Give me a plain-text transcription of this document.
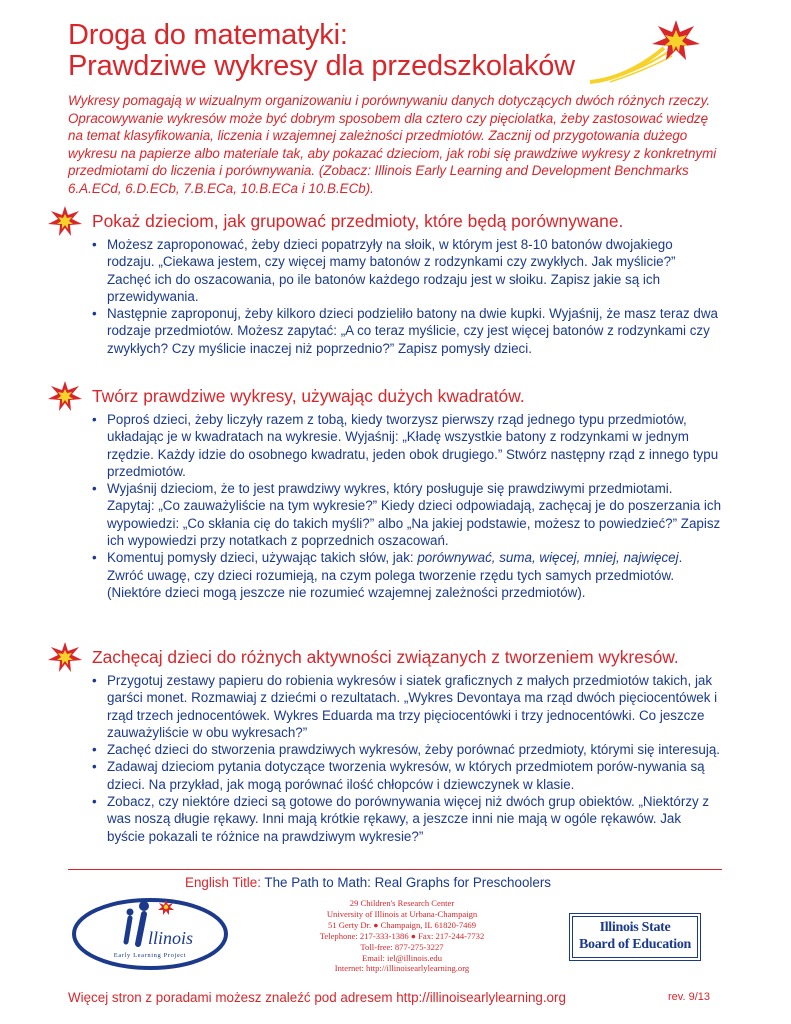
Droga do matematyki:
Prawdziwe wykresy dla przedszkolaków
Wykresy pomagają w wizualnym organizowaniu i porównywaniu danych dotyczących dwóch różnych rzeczy. Opracowywanie wykresów może być dobrym sposobem dla cztero czy pięciolatka, żeby zastosować wiedzę na temat klasyfikowania, liczenia i wzajemnej zależności przedmiotów. Zacznij od przygotowania dużego wykresu na papierze albo materiale tak, aby pokazać dzieciom, jak robi się prawdziwe wykresy z konkretnymi przedmiotami do liczenia i porównywania. (Zobacz: Illinois Early Learning and Development Benchmarks 6.A.ECd, 6.D.ECb, 7.B.ECa, 10.B.ECa i 10.B.ECb).
Pokaż dzieciom, jak grupować przedmioty, które będą porównywane.
• Możesz zaproponować, żeby dzieci popatrzyły na słoik, w którym jest 8-10 batonów dwojakiego rodzaju. „Ciekawa jestem, czy więcej mamy batonów z rodzynkami czy zwykłych. Jak myślicie?” Zachęć ich do oszacowania, po ile batonów każdego rodzaju jest w słoiku. Zapisz jakie są ich przewidywania.
• Następnie zaproponuj, żeby kilkoro dzieci podzieliło batony na dwie kupki. Wyjaśnij, że masz teraz dwa rodzaje przedmiotów. Możesz zapytać: „A co teraz myślicie, czy jest więcej batonów z rodzynkami czy zwykłych? Czy myślicie inaczej niż poprzednio?” Zapisz pomysły dzieci.
Twórz prawdziwe wykresy, używając dużych kwadratów.
• Poproś dzieci, żeby liczyły razem z tobą, kiedy tworzysz pierwszy rząd jednego typu przedmiotów, układając je w kwadratach na wykresie. Wyjaśnij: „Kładę wszystkie batony z rodzynkami w jednym rzędzie. Każdy idzie do osobnego kwadratu, jeden obok drugiego.” Stwórz następny rząd z innego typu przedmiotów.
• Wyjaśnij dzieciom, że to jest prawdziwy wykres, który posługuje się prawdziwymi przedmiotami. Zapytaj: „Co zauważyliście na tym wykresie?” Kiedy dzieci odpowiadają, zachęcaj je do poszerzania ich wypowiedzi: „Co skłania cię do takich myśli?” albo „Na jakiej podstawie, możesz to powiedzieć?” Zapisz ich wypowiedzi przy notatkach z poprzednich oszacowań.
• Komentuj pomysły dzieci, używając takich słów, jak: porównywać, suma, więcej, mniej, najwięcej. Zwróć uwagę, czy dzieci rozumieją, na czym polega tworzenie rzędu tych samych przedmiotów. (Niektóre dzieci mogą jeszcze nie rozumieć wzajemnej zależności przedmiotów).
Zachęcaj dzieci do różnych aktywności związanych z tworzeniem wykresów.
• Przygotuj zestawy papieru do robienia wykresów i siatek graficznych z małych przedmiotów takich, jak garści monet. Rozmawiaj z dziećmi o rezultatach. „Wykres Devontaya ma rząd dwóch pięciocentówek i rząd trzech jednocentówek. Wykres Eduarda ma trzy pięciocentówki i trzy jednocentówki. Co jeszcze zauważyliście w obu wykresach?”
• Zachęć dzieci do stworzenia prawdziwych wykresów, żeby porównać przedmioty, którymi się interesują.
• Zadawaj dzieciom pytania dotyczące tworzenia wykresów, w których przedmiotem porów-nywania są dzieci. Na przykład, jak mogą porównać ilość chłopców i dziewczynek w klasie.
• Zobacz, czy niektóre dzieci są gotowe do porównywania więcej niż dwóch grup obiektów. „Niektórzy z was noszą długie rękawy. Inni mają krótkie rękawy, a jeszcze inni nie mają w ogóle rękawów. Jak byście pokazali te różnice na prawdziwym wykresie?”
English Title: The Path to Math: Real Graphs for Preschoolers
llinois
Early Learning Project
29 Children's Research Center
University of Illinois at Urbana-Champaign
51 Gerty Dr. ● Champaign, IL 61820-7469
Telephone: 217-333-1386 ● Fax: 217-244-7732
Toll-free: 877-275-3227
Email: iel@illinois.edu
Internet: http://illinoisearlylearning.org
Illinois State
Board of Education
Więcej stron z poradami możesz znaleźć pod adresem http://illinoisearlylearning.org	rev. 9/13
